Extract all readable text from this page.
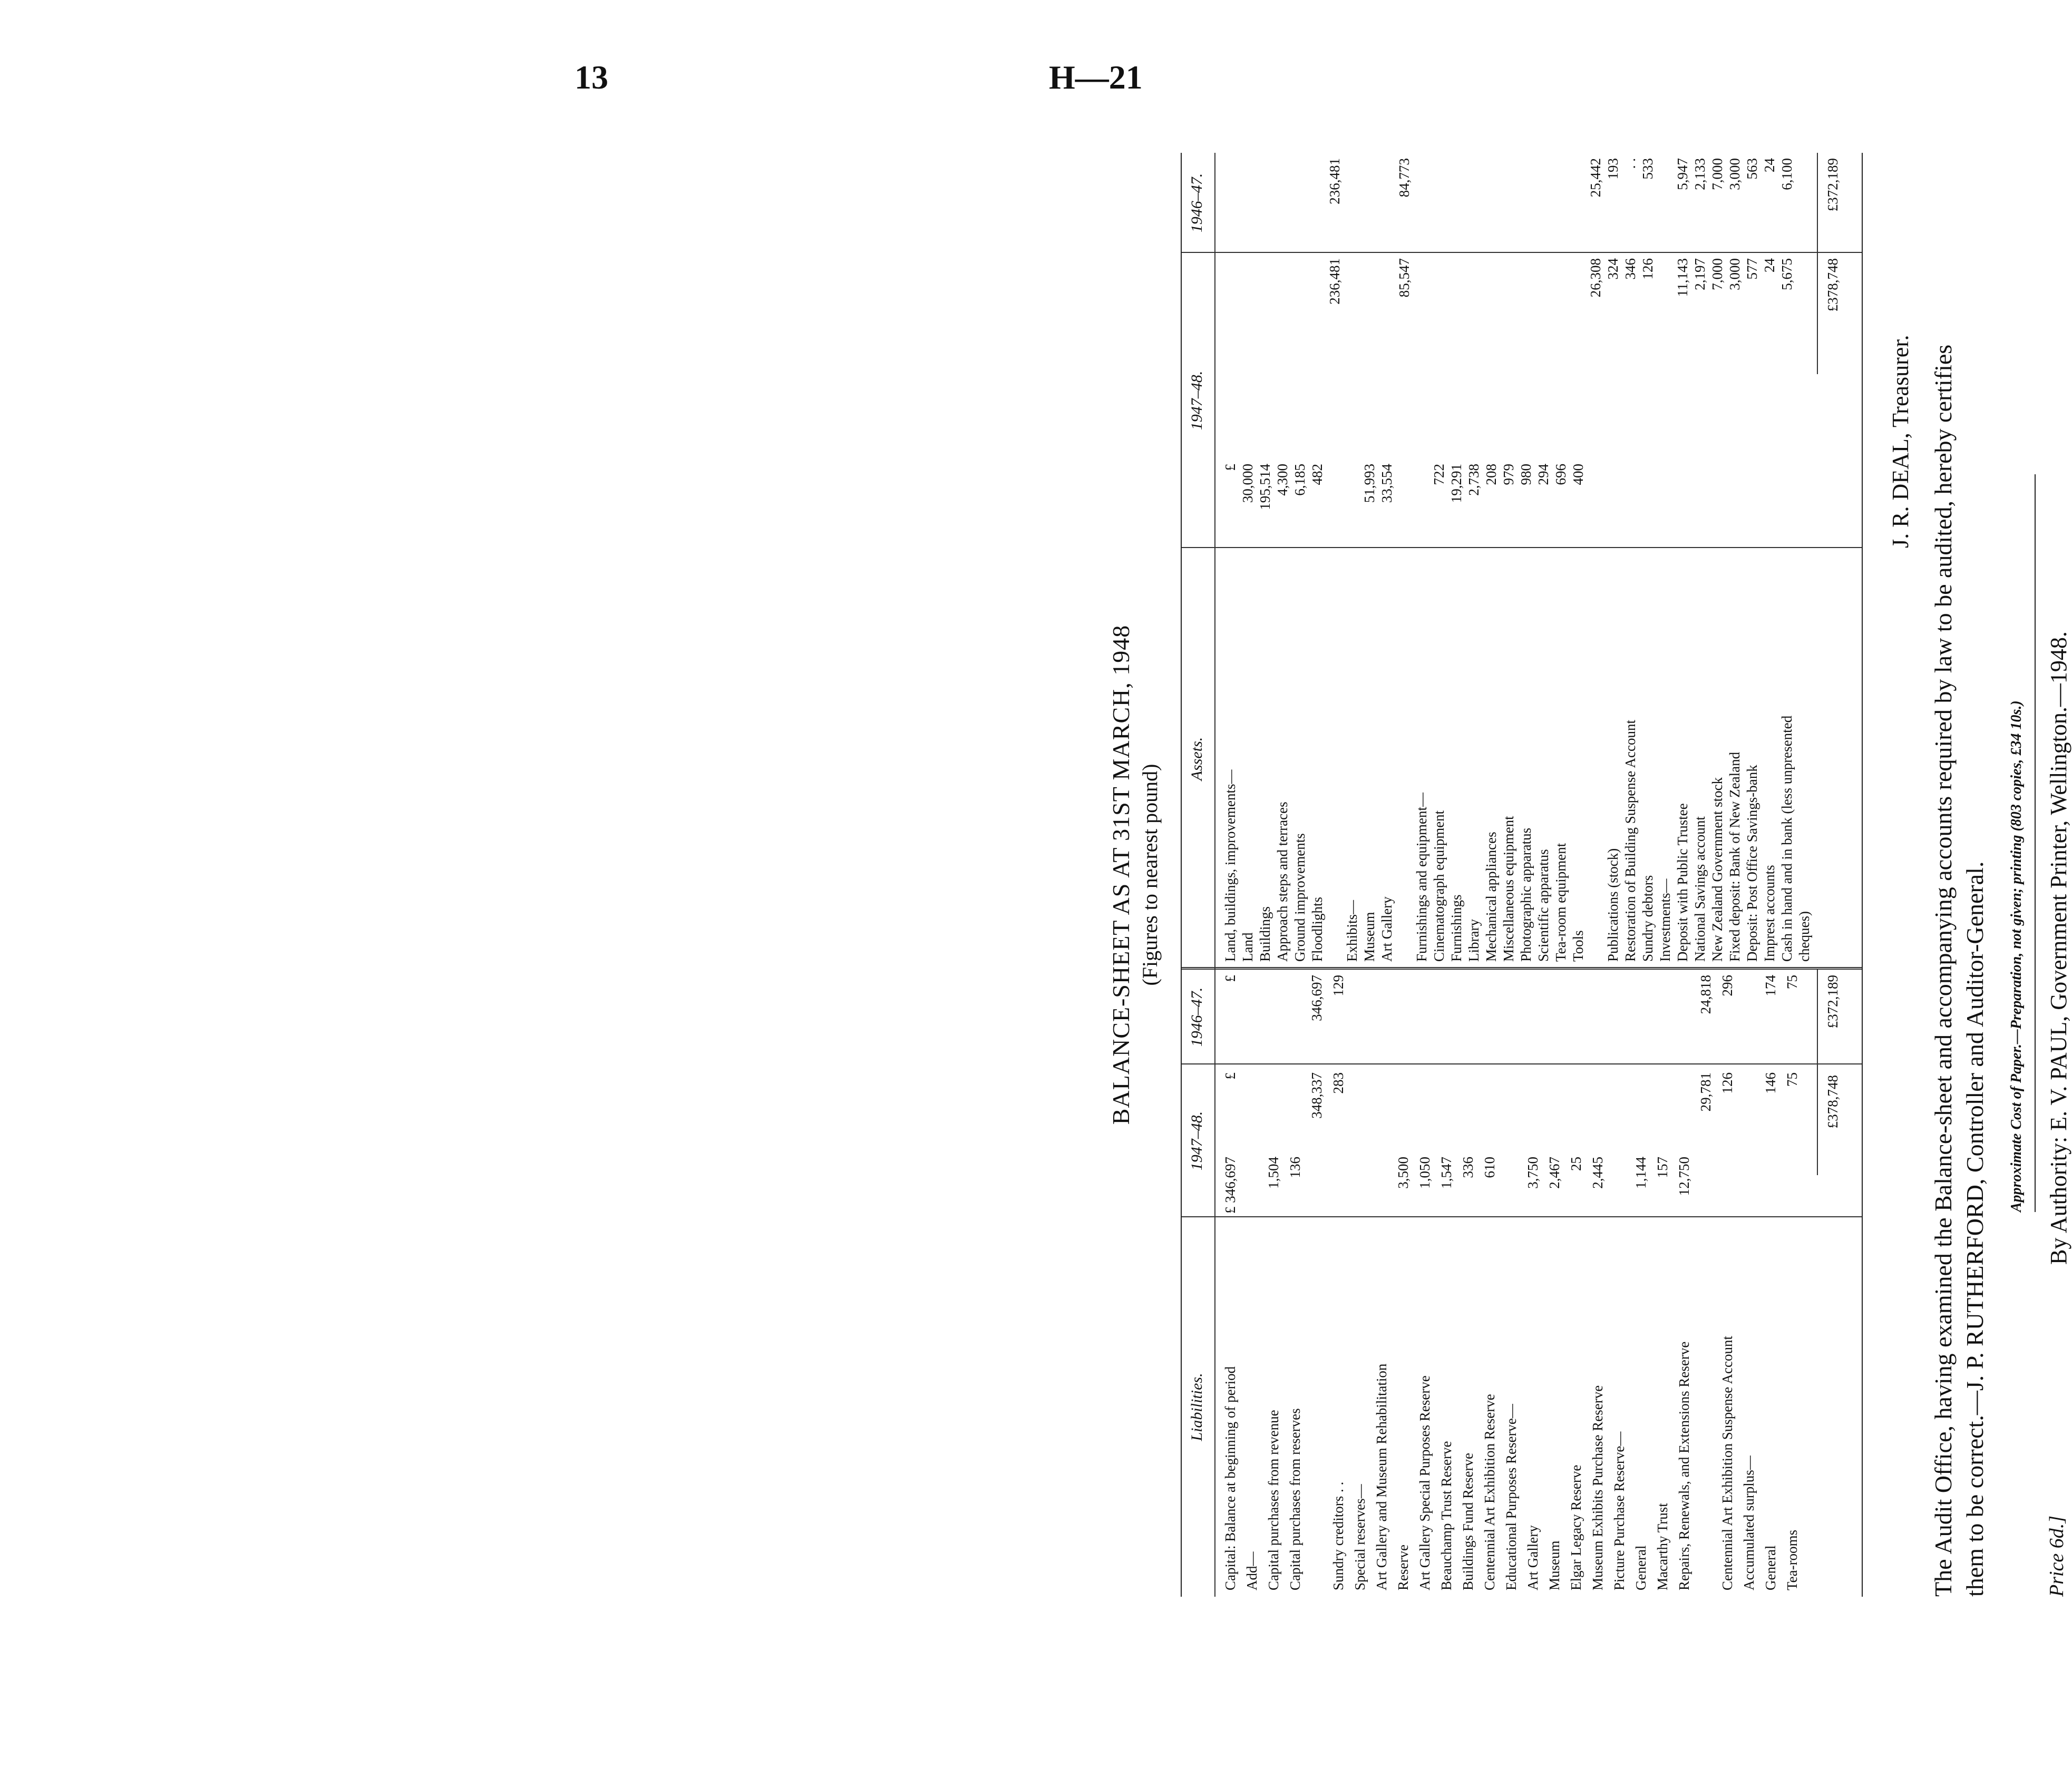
13	H—21
BALANCE-SHEET AS AT 31ST MARCH, 1948 (Figures to nearest pound)
Liabilities.
1947–48.
1946–47.
Assets.
1947–48.
1946–47.
Capital: Balance at beginning of period
£ 346,697
£
£
Add— Capital purchases from revenue
1,504
Capital purchases from reserves
136
348,337
346,697
Sundry creditors . .
283
129
Special reserves— Art Gallery and Museum Rehabilitation Reserve
3,500
Art Gallery Special Purposes Reserve
1,050
Beauchamp Trust Reserve
1,547
Buildings Fund Reserve
336
Centennial Art Exhibition Reserve
610
Educational Purposes Reserve— Art Gallery
3,750
Museum
2,467
Elgar Legacy Reserve
25
Museum Exhibits Purchase Reserve
2,445
Picture Purchase Reserve— General
1,144
Macarthy Trust
157
Repairs, Renewals, and Extensions Reserve
12,750
29,781
24,818
Centennial Art Exhibition Suspense Account
126
296
Accumulated surplus— General
146
174
Tea-rooms
75
75
Land, buildings, improvements—
£
Land
30,000
Buildings
195,514
Approach steps and terraces
4,300
Ground improvements
6,185
Floodlights
482
236,481
236,481
Exhibits— Museum
51,993
Art Gallery
33,554
85,547
84,773
Furnishings and equipment— Cinematograph equipment
722
Furnishings
19,291
Library
2,738
Mechanical appliances
208
Miscellaneous equipment
979
Photographic apparatus
980
Scientific apparatus
294
Tea-room equipment
696
Tools
400
26,308
25,442
Publications (stock)
324
193
Restoration of Building Suspense Account
346
. .
Sundry debtors
126
533
Investments— Deposit with Public Trustee
11,143
5,947
National Savings account
2,197
2,133
New Zealand Government stock
7,000
7,000
Fixed deposit: Bank of New Zealand
3,000
3,000
Deposit: Post Office Savings-bank
577
563
Imprest accounts
24
24
Cash in hand and in bank (less unpresented
5,675
6,100
cheques)
£378,748
£372,189
£378,748
£372,189
J. R. DEAL, Treasurer. The Audit Office, having examined the Balance-sheet and accompanying accounts required by law to be audited, hereby certifies them to be correct.—J. P. RUTHERFORD, Controller and Auditor-General. Approximate Cost of Paper.—Preparation, not given; printing (803 copies, £34 10s.) By Authority: E. V. PAUL, Government Printer, Wellington.—1948.
Price 6d.]
